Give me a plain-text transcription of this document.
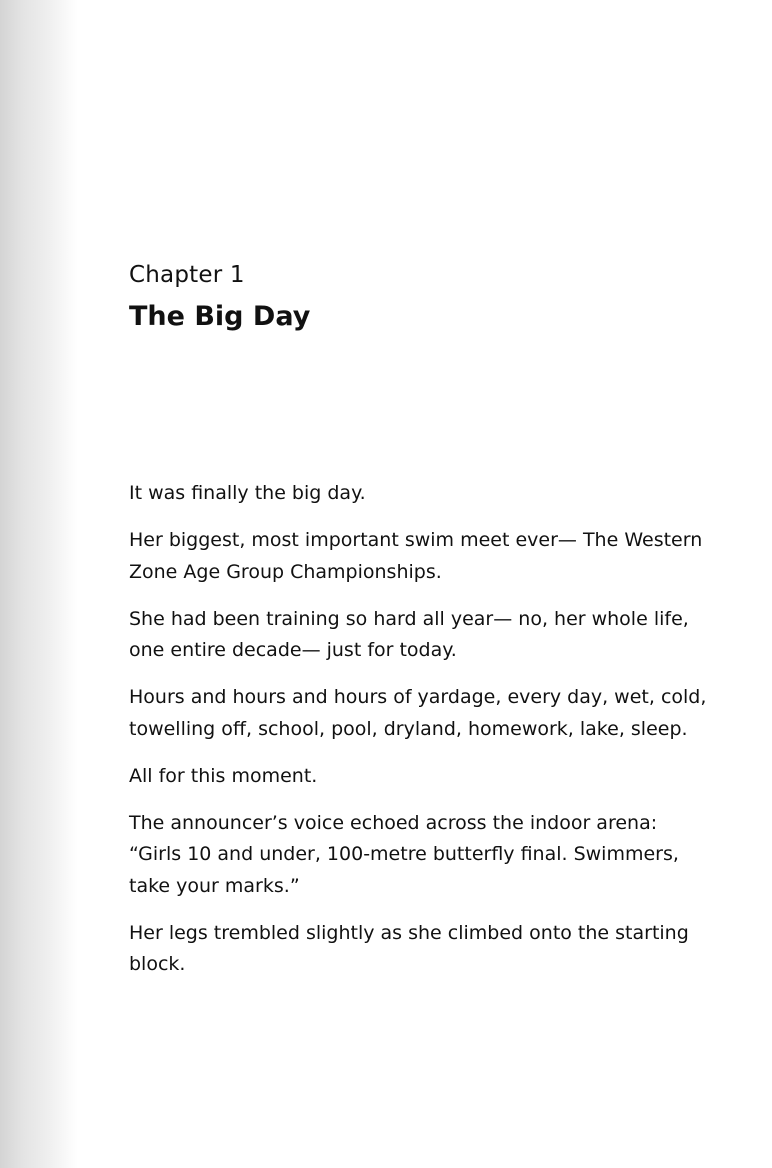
Chapter 1
The Big Day

It was finally the big day.

Her biggest, most important swim meet ever— The Western Zone Age Group Championships.

She had been training so hard all year— no, her whole life, one entire decade— just for today.

Hours and hours and hours of yardage, every day, wet, cold, towelling off, school, pool, dryland, homework, lake, sleep.

All for this moment.

The announcer’s voice echoed across the indoor arena: “Girls 10 and under, 100-metre butterfly final. Swimmers, take your marks.”

Her legs trembled slightly as she climbed onto the starting block.
